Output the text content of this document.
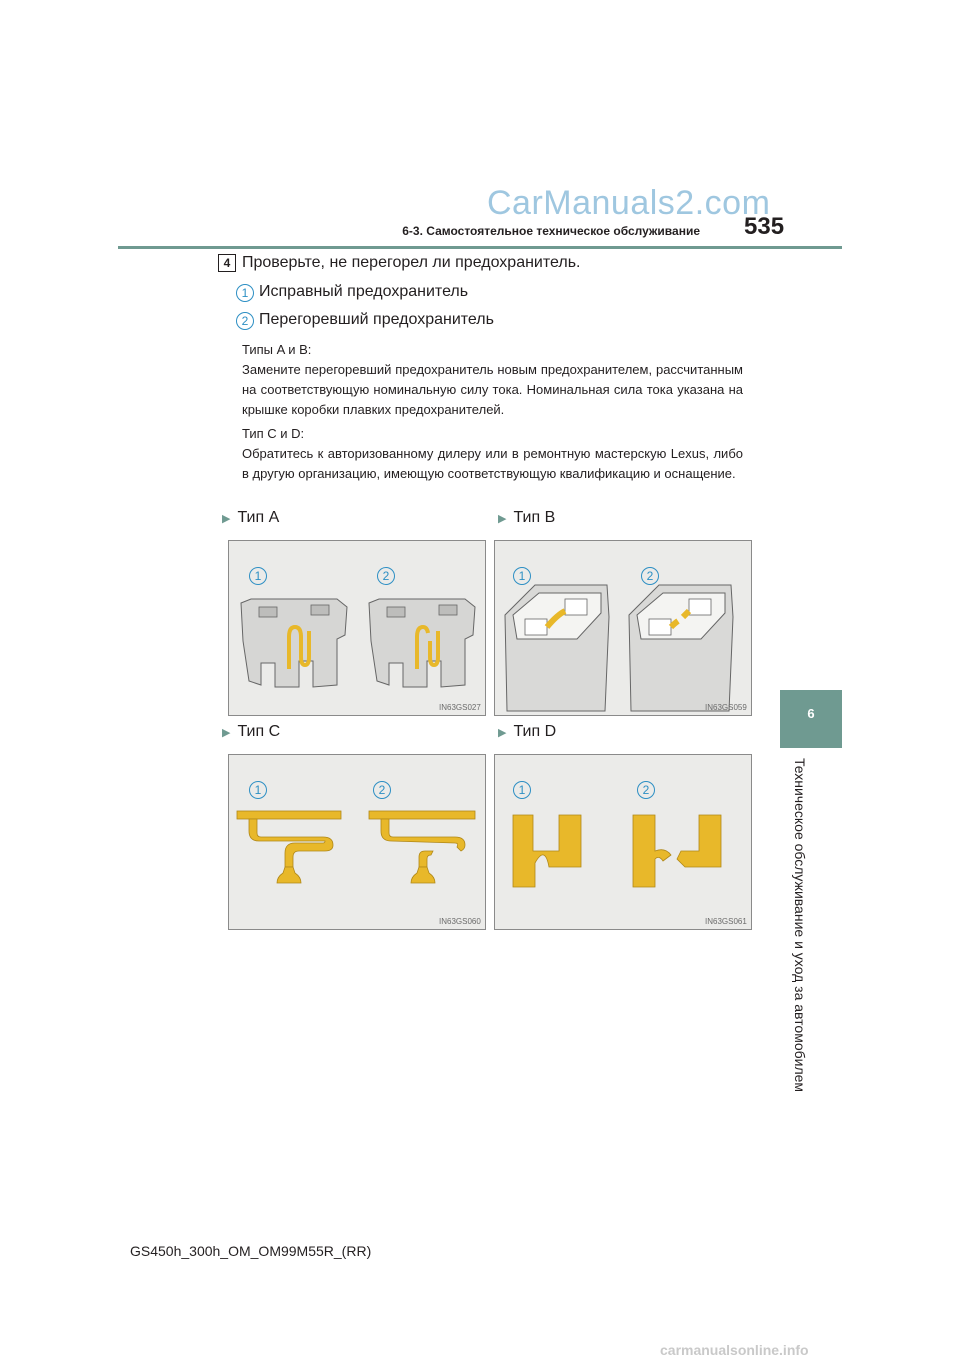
CarManuals2.com
6-3. Самостоятельное техническое обслуживание 535
6
Техническое обслуживание и уход за автомобилем
4 Проверьте, не перегорел ли предохранитель.
1 Исправный предохранитель
2 Перегоревший предохранитель

Типы A и B:

Замените перегоревший предохранитель новым предохранителем, рассчитанным на соответствующую номинальную силу тока. Номинальная сила тока указана на крышке коробки плавких предохранителей.

Тип C и D:

Обратитесь к авторизованному дилеру или в ремонтную мастерскую Lexus, либо в другую организацию, имеющую соответствующую квалификацию и оснащение.

▶ Тип A	▶ Тип B
▶ Тип C	▶ Тип D
1	2
IN63GS027
1	2
IN63GS059
1	2
IN63GS060
1	2
IN63GS061
GS450h_300h_OM_OM99M55R_(RR)
carmanualsonline.info
